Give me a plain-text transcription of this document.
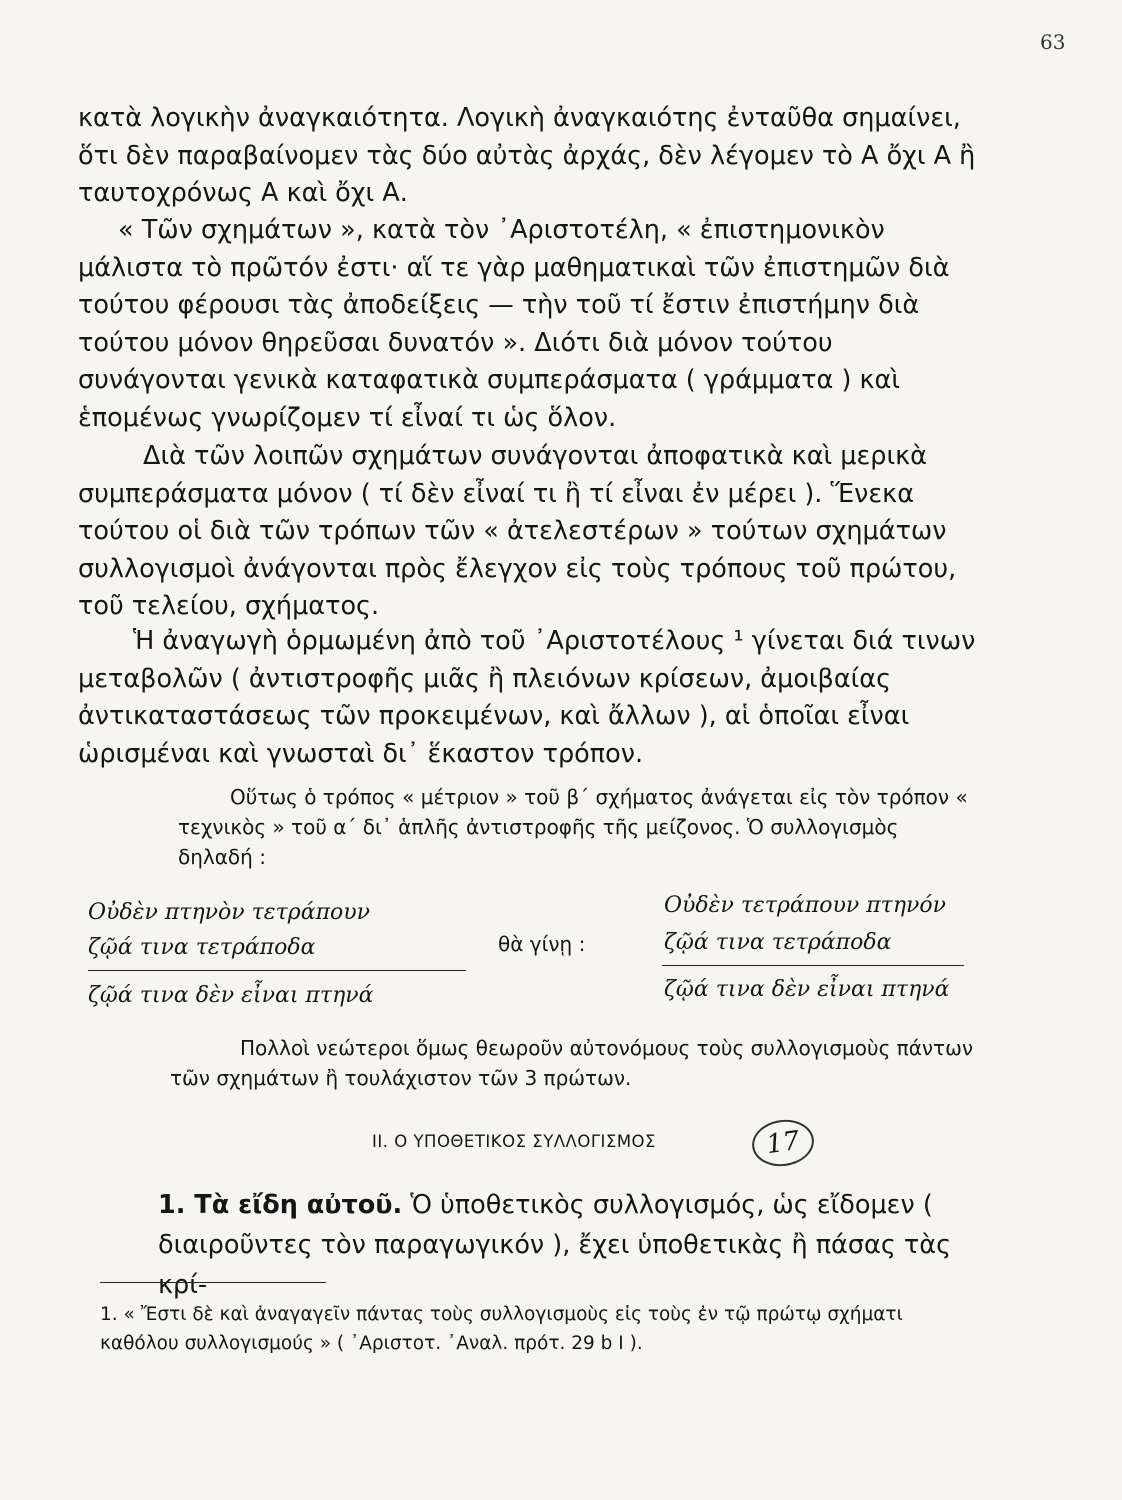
63

κατὰ λογικὴν ἀναγκαιότητα. Λογικὴ ἀναγκαιότης ἐνταῦθα σημαίνει, ὅτι δὲν παραβαίνομεν τὰς δύο αὐτὰς ἀρχάς, δὲν λέγομεν τὸ Α ὄχι Α ἢ ταυτοχρόνως Α καὶ ὄχι Α.

« Τῶν σχημάτων », κατὰ τὸν ᾿Αριστοτέλη, « ἐπιστημονικὸν μάλιστα τὸ πρῶτόν ἐστι· αἵ τε γὰρ μαθηματικαὶ τῶν ἐπιστημῶν διὰ τούτου φέρουσι τὰς ἀποδείξεις — τὴν τοῦ τί ἔστιν ἐπιστήμην διὰ τούτου μόνον θηρεῦσαι δυνατόν ». Διότι διὰ μόνον τούτου συνάγονται γενικὰ καταφατικὰ συμπεράσματα ( γράμματα ) καὶ ἑπομένως γνωρίζομεν τί εἶναί τι ὡς ὅλον.

Διὰ τῶν λοιπῶν σχημάτων συνάγονται ἀποφατικὰ καὶ μερικὰ συμπεράσματα μόνον ( τί δὲν εἶναί τι ἢ τί εἶναι ἐν μέρει ). Ἕνεκα τούτου οἱ διὰ τῶν τρόπων τῶν « ἀτελεστέρων » τούτων σχημάτων συλλογισμοὶ ἀνάγονται πρὸς ἔλεγχον εἰς τοὺς τρόπους τοῦ πρώτου, τοῦ τελείου, σχήματος.

Ἡ ἀναγωγὴ ὁρμωμένη ἀπὸ τοῦ ᾿Αριστοτέλους ¹ γίνεται διά τινων μεταβολῶν ( ἀντιστροφῆς μιᾶς ἢ πλειόνων κρίσεων, ἀμοιβαίας ἀντικαταστάσεως τῶν προκειμένων, καὶ ἄλλων ), αἱ ὁποῖαι εἶναι ὡρισμέναι καὶ γνωσταὶ δι᾿ ἕκαστον τρόπον.

Οὕτως ὁ τρόπος « μέτριον » τοῦ β΄ σχήματος ἀνάγεται εἰς τὸν τρόπον « τεχνικὸς » τοῦ α΄ δι᾿ ἁπλῆς ἀντιστροφῆς τῆς μείζονος. Ὁ συλλογισμὸς δηλαδή :

Οὐδὲν πτηνὸν τετράπουν
ζῷά τινα τετράποδα
ζῷά τινα δὲν εἶναι πτηνά
θὰ γίνῃ :
Οὐδὲν τετράπουν πτηνόν
ζῷά τινα τετράποδα
ζῷά τινα δὲν εἶναι πτηνά

Πολλοὶ νεώτεροι ὅμως θεωροῦν αὐτονόμους τοὺς συλλογισμοὺς πάντων τῶν σχημάτων ἢ τουλάχιστον τῶν 3 πρώτων.

II. Ο ΥΠΟΘΕΤΙΚΟΣ ΣΥΛΛΟΓΙΣΜΟΣ	17

1. Τὰ εἴδη αὐτοῦ. Ὁ ὑποθετικὸς συλλογισμός, ὡς εἴδομεν ( διαιροῦντες τὸν παραγωγικόν ), ἔχει ὑποθετικὰς ἢ πάσας τὰς κρί-

1. « Ἔστι δὲ καὶ ἀναγαγεῖν πάντας τοὺς συλλογισμοὺς εἰς τοὺς ἐν τῷ πρώτῳ σχήματι καθόλου συλλογισμούς » ( ᾿Αριστοτ. ᾿Αναλ. πρότ. 29 b I ).
